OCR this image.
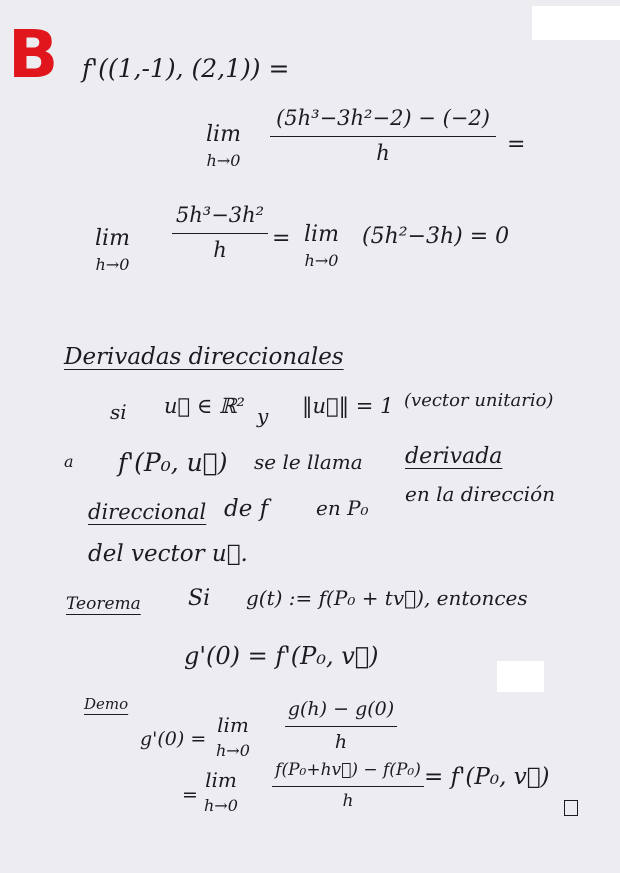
B f'((1,-1), (2,1)) =
lim
h→0
(5h³−3h²−2) − (−2)
h	=
lim
h→0
5h³−3h²
h = lim
h→0
(5h²−3h) = 0
Derivadas direccionales
si u⃗ ∈ ℝ² y ‖u⃗‖ = 1 (vector unitario)
a f'(P₀, u⃗) se le llama derivada
direccional de f en P₀
en la dirección
del vector u⃗.
Teorema Si g(t) := f(P₀ + tv⃗), entonces
g'(0) = f'(P₀, v⃗)
Demo
g'(0) =
lim
h→0
g(h) − g(0)
h
=
lim
h→0
f(P₀+hv⃗) − f(P₀)
h
= f'(P₀, v⃗)
